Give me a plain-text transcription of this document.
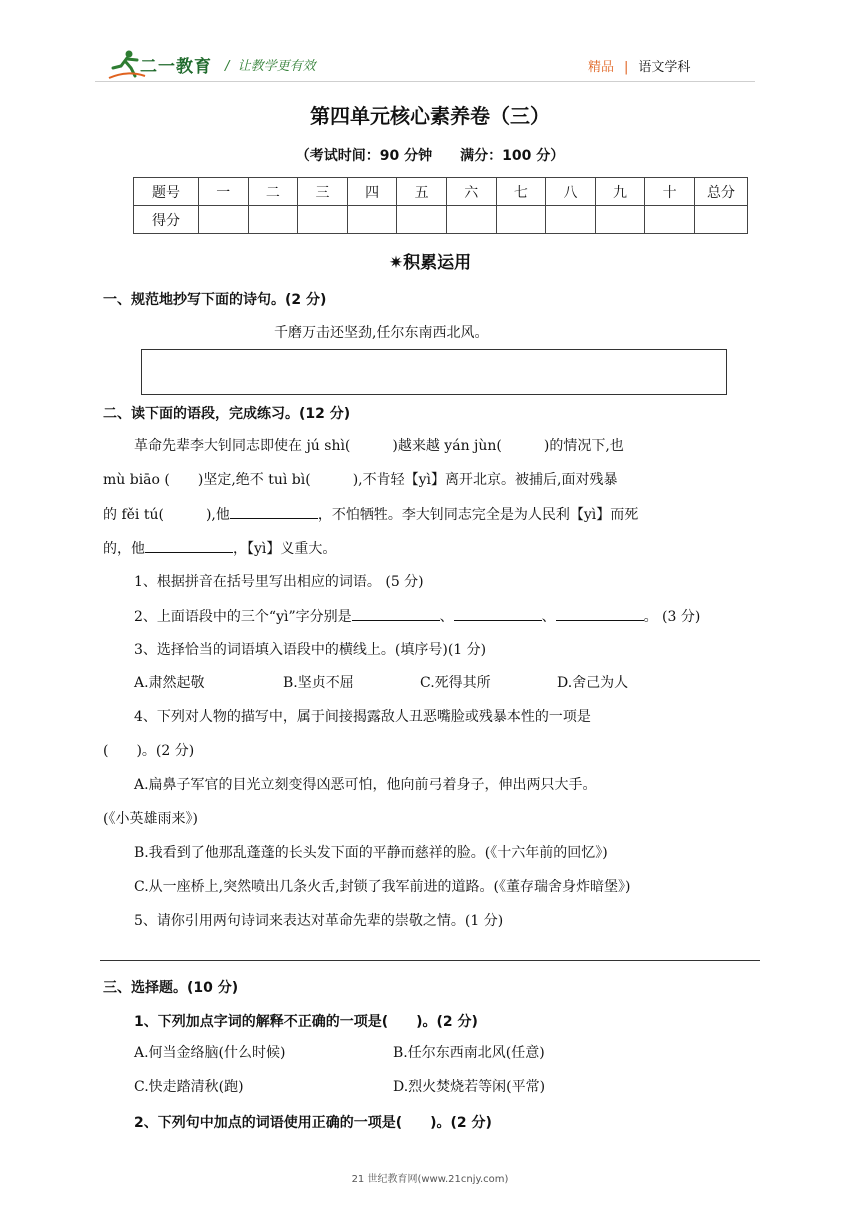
二一教育 /  让教学更有效	精品 | 语文学科
第四单元核心素养卷（三）
（考试时间：90 分钟　　满分：100 分）
题号	一	二	三	四	五	六	七	八	九	十	总分
得分											
✷积累运用
一、规范地抄写下面的诗句。(2 分)
千磨万击还坚劲,任尔东南西北风。
二、读下面的语段，完成练习。(12 分)
革命先辈李大钊同志即使在 jú shì(　　　)越来越 yán jùn(　　　)的情况下,也
mù biāo (　　)坚定,绝不 tuì bì(　　　),不肯轻【yì】离开北京。被捕后,面对残暴
的 fěi tú(　　　),他	，不怕牺牲。李大钊同志完全是为人民利【yì】而死
的，他	，【yì】义重大。
1、根据拼音在括号里写出相应的词语。 (5 分)
2、上面语段中的三个“yì”字分别是	、	、	。 (3 分)
3、选择恰当的词语填入语段中的横线上。(填序号)(1 分)
A.肃然起敬	B.坚贞不屈	C.死得其所	D.舍己为人
4、下列对人物的描写中，属于间接揭露敌人丑恶嘴脸或残暴本性的一项是
(　　)。(2 分)
A.扁鼻子军官的目光立刻变得凶恶可怕，他向前弓着身子，伸出两只大手。
(《小英雄雨来》)
B.我看到了他那乱蓬蓬的长头发下面的平静而慈祥的脸。(《十六年前的回忆》)
C.从一座桥上,突然喷出几条火舌,封锁了我军前进的道路。(《董存瑞舍身炸暗堡》)
5、请你引用两句诗词来表达对革命先辈的崇敬之情。(1 分)
三、选择题。(10 分)
1、下列加点字词的解释不正确的一项是(　　)。(2 分)
A.何当金络脑(什么时候)	B.任尔东西南北风(任意)
C.快走踏清秋(跑)	D.烈火焚烧若等闲(平常)
2、下列句中加点的词语使用正确的一项是(　　)。(2 分)
21 世纪教育网(www.21cnjy.com)
